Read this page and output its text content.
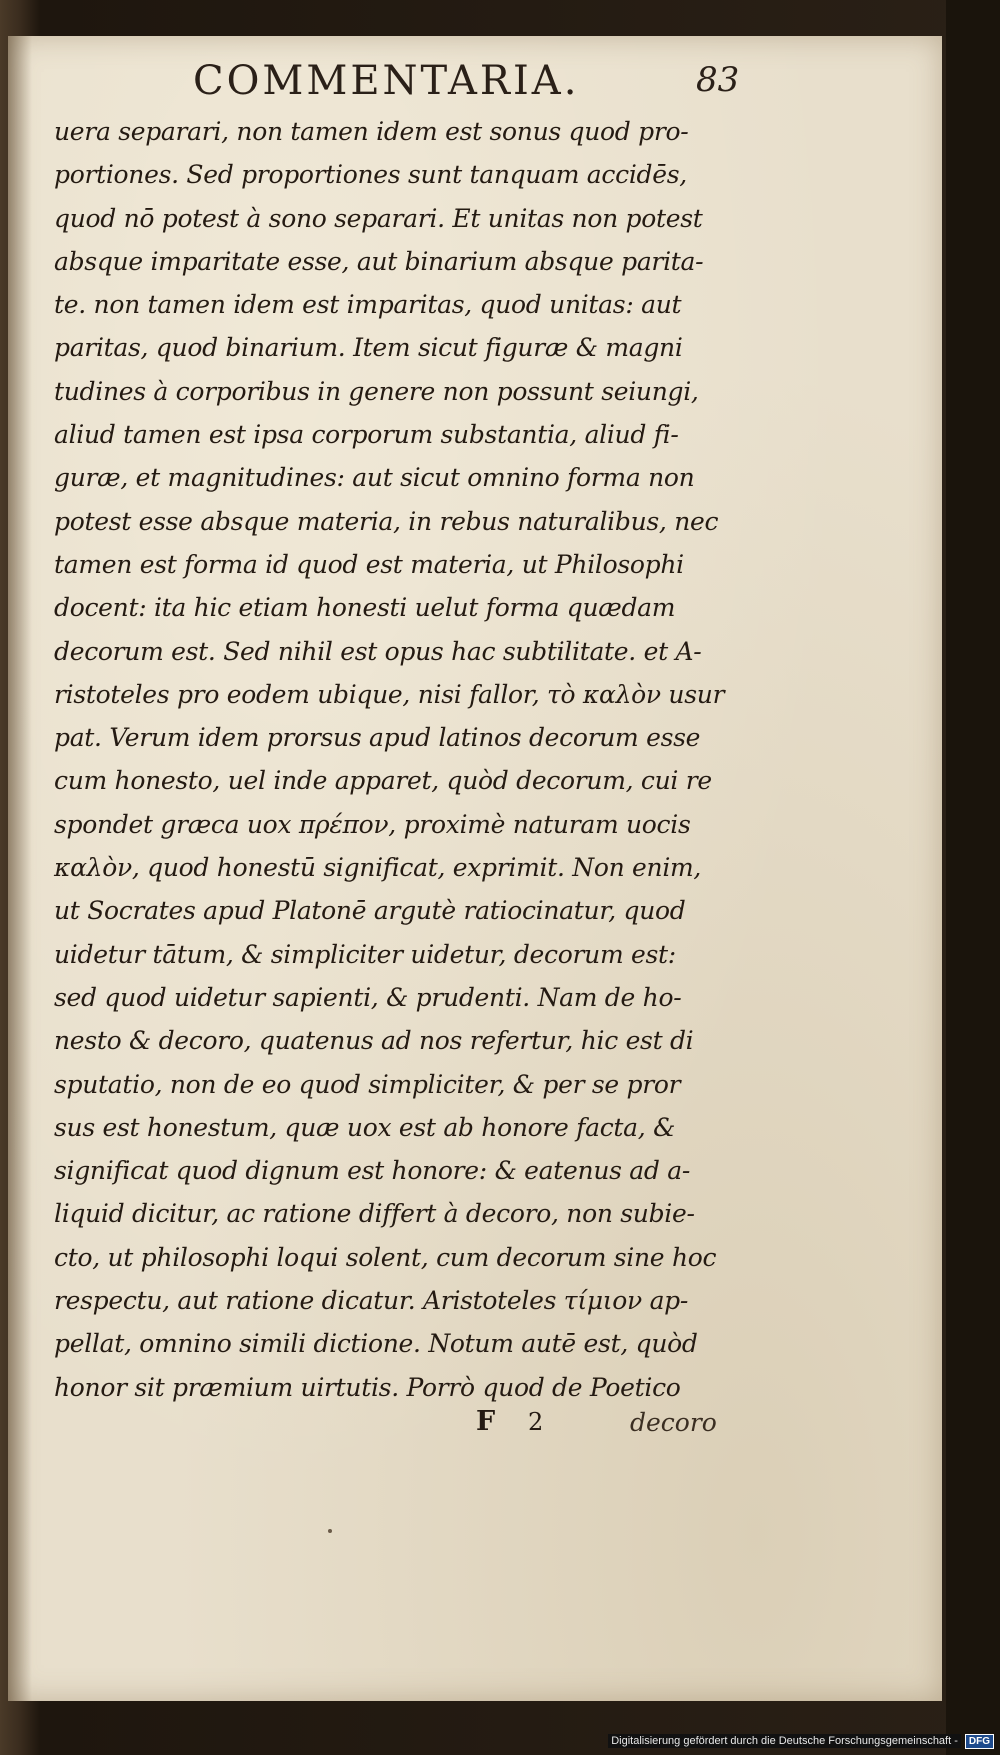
COMMENTARIA.	83
uera separari, non tamen idem est sonus quod pro-
portiones. Sed proportiones sunt tanquam accidēs,
quod nō potest à sono separari. Et unitas non potest
absque imparitate esse, aut binarium absque parita-
te. non tamen idem est imparitas, quod unitas: aut
paritas, quod binarium. Item sicut figuræ & magni
tudines à corporibus in genere non possunt seiungi,
aliud tamen est ipsa corporum substantia, aliud fi-
guræ, et magnitudines: aut sicut omnino forma non
potest esse absque materia, in rebus naturalibus, nec
tamen est forma id quod est materia, ut Philosophi
docent: ita hic etiam honesti uelut forma quædam
decorum est. Sed nihil est opus hac subtilitate. et A-
ristoteles pro eodem ubique, nisi fallor, τὸ καλὸν usur
pat. Verum idem prorsus apud latinos decorum esse
cum honesto, uel inde apparet, quòd decorum, cui re
spondet græca uox πρέπον, proximè naturam uocis
καλὸν, quod honestū significat, exprimit. Non enim,
ut Socrates apud Platonē argutè ratiocinatur, quod
uidetur tātum, & simpliciter uidetur, decorum est:
sed quod uidetur sapienti, & prudenti. Nam de ho-
nesto & decoro, quatenus ad nos refertur, hic est di
sputatio, non de eo quod simpliciter, & per se pror
sus est honestum, quæ uox est ab honore facta, &
significat quod dignum est honore: & eatenus ad a-
liquid dicitur, ac ratione differt à decoro, non subie-
cto, ut philosophi loqui solent, cum decorum sine hoc
respectu, aut ratione dicatur. Aristoteles τίμιον ap-
pellat, omnino simili dictione. Notum autē est, quòd
honor sit præmium uirtutis. Porrò quod de Poetico
F 2	decoro
Digitalisierung gefördert durch die Deutsche Forschungsgemeinschaft -	DFG
